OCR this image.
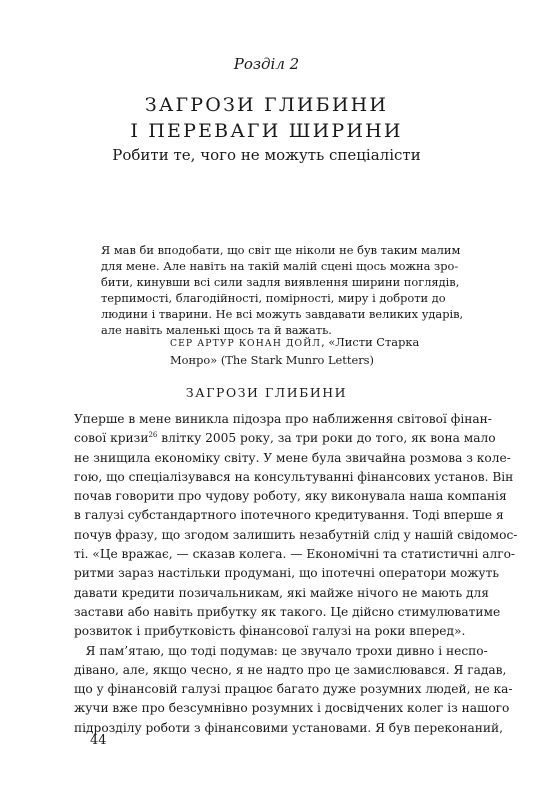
Розділ 2
ЗАГРОЗИ ГЛИБИНИ
І ПЕРЕВАГИ ШИРИНИ
Робити те, чого не можуть спеціалісти

Я мав би вподобати, що світ ще ніколи не був таким малим

для мене. Але навіть на такій малій сцені щось можна зро-

бити, кинувши всі сили задля виявлення ширини поглядів,

терпимості, благодійності, помірності, миру і доброти до

людини і тварини. Не всі можуть завдавати великих ударів,

але навіть маленькі щось та й важать.

СЕР АРТУР КОНАН ДОЙЛ, «Листи Старка

Монро» (The Stark Munro Letters)

ЗАГРОЗИ ГЛИБИНИ

Уперше в мене виникла підозра про наближення світової фінан-

сової кризи$^{26}$ влітку 2005 року, за три роки до того, як вона мало

не знищила економіку світу. У мене була звичайна розмова з коле-

гою, що спеціалізувався на консультуванні фінансових установ. Він

почав говорити про чудову роботу, яку виконувала наша компанія

в галузі субстандартного іпотечного кредитування. Тоді вперше я

почув фразу, що згодом залишить незабутній слід у нашій свідомос-

ті. «Це вражає, — сказав колега. — Економічні та статистичні алго-

ритми зараз настільки продумані, що іпотечні оператори можуть

давати кредити позичальникам, які майже нічого не мають для

застави або навіть прибутку як такого. Це дійсно стимулюватиме

розвиток і прибутковість фінансової галузі на роки вперед».

Я пам’ятаю, що тоді подумав: це звучало трохи дивно і неспо-

дівано, але, якщо чесно, я не надто про це замислювався. Я гадав,

що у фінансовій галузі працює багато дуже розумних людей, не ка-

жучи вже про безсумнівно розумних і досвідчених колег із нашого

підрозділу роботи з фінансовими установами. Я був переконаний,

44
